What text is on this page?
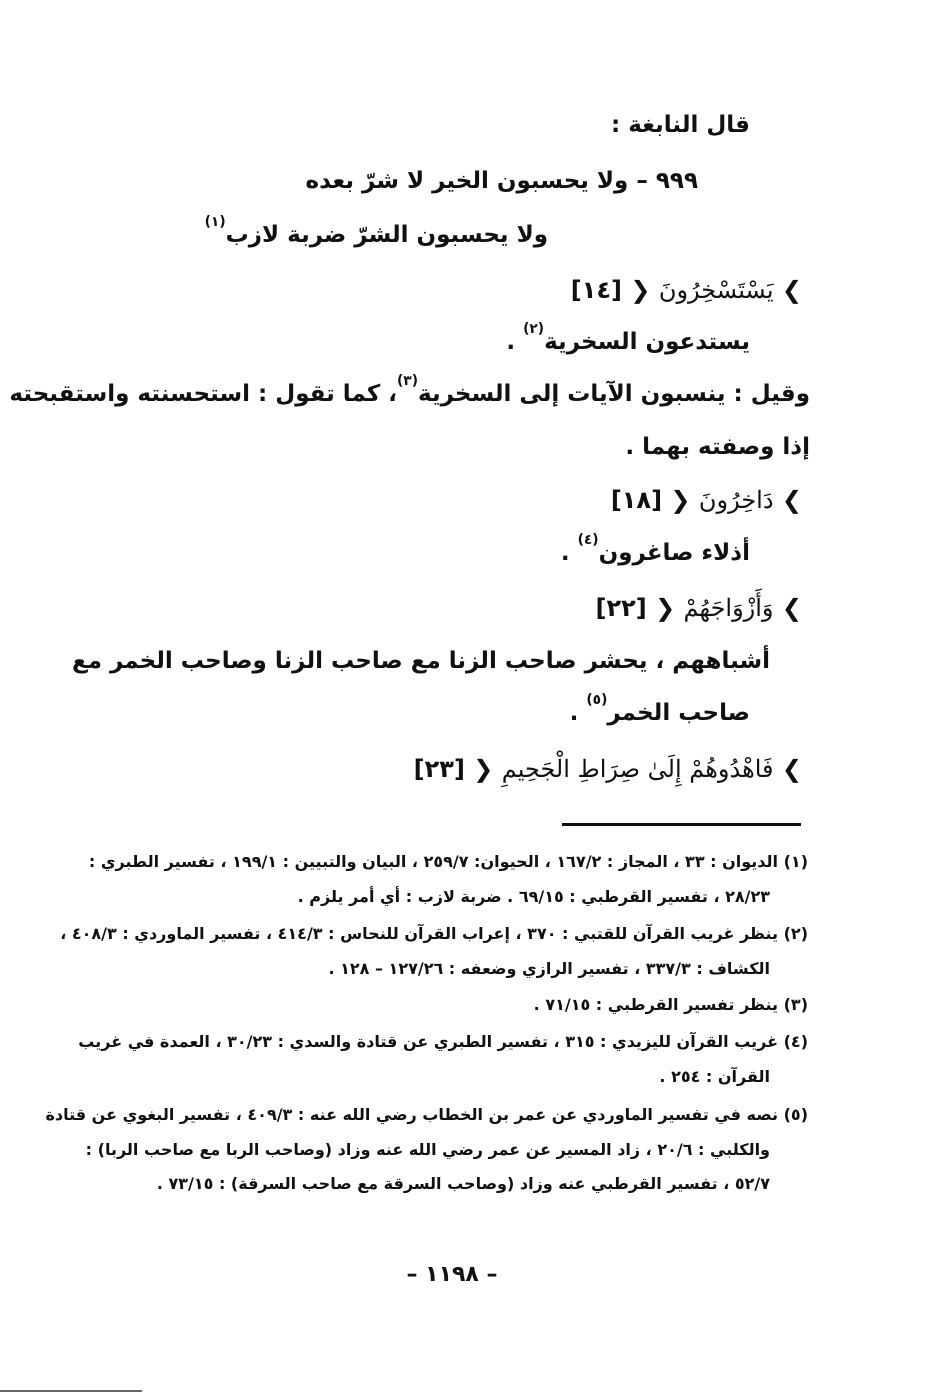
قال النابغة :
٩٩٩ – ولا يحسبون الخير لا شرّ بعده
ولا يحسبون الشرّ ضربة لازب$^{(١)}$
❯ يَسْتَسْخِرُونَ ❮ [١٤]
يستدعون السخرية$^{(٢)}$ .
وقيل : ينسبون الآيات إلى السخرية$^{(٣)}$، كما تقول : استحسنته واستقبحته
إذا وصفته بهما .
❯ دَاخِرُونَ ❮ [١٨]
أذلاء صاغرون$^{(٤)}$ .
❯ وَأَزْوَاجَهُمْ ❮ [٢٢]
أشباههم ، يحشر صاحب الزنا مع صاحب الزنا وصاحب الخمر مع
صاحب الخمر$^{(٥)}$ .
❯ فَاهْدُوهُمْ إِلَىٰ صِرَاطِ الْجَحِيمِ ❮ [٢٣]
(١) الديوان : ٣٣ ، المجاز : ١٦٧/٢ ، الحيوان: ٢٥٩/٧ ، البيان والتبيين : ١٩٩/١ ، تفسير الطبري :
٢٨/٢٣ ، تفسير القرطبي : ٦٩/١٥ . ضربة لازب : أي أمر يلزم .
(٢) ينظر غريب القرآن للقتبي : ٣٧٠ ، إعراب القرآن للنحاس : ٤١٤/٣ ، تفسير الماوردي : ٤٠٨/٣ ،
الكشاف : ٣٣٧/٣ ، تفسير الرازي وضعفه : ١٢٧/٢٦ – ١٢٨ .
(٣) ينظر تفسير القرطبي : ٧١/١٥ .
(٤) غريب القرآن لليزيدي : ٣١٥ ، تفسير الطبري عن قتادة والسدي : ٣٠/٢٣ ، العمدة في غريب
القرآن : ٢٥٤ .
(٥) نصه في تفسير الماوردي عن عمر بن الخطاب رضي الله عنه : ٤٠٩/٣ ، تفسير البغوي عن قتادة
والكلبي : ٢٠/٦ ، زاد المسير عن عمر رضي الله عنه وزاد (وصاحب الربا مع صاحب الربا) :
٥٢/٧ ، تفسير القرطبي عنه وزاد (وصاحب السرقة مع صاحب السرقة) : ٧٣/١٥ .
– ١١٩٨ –
